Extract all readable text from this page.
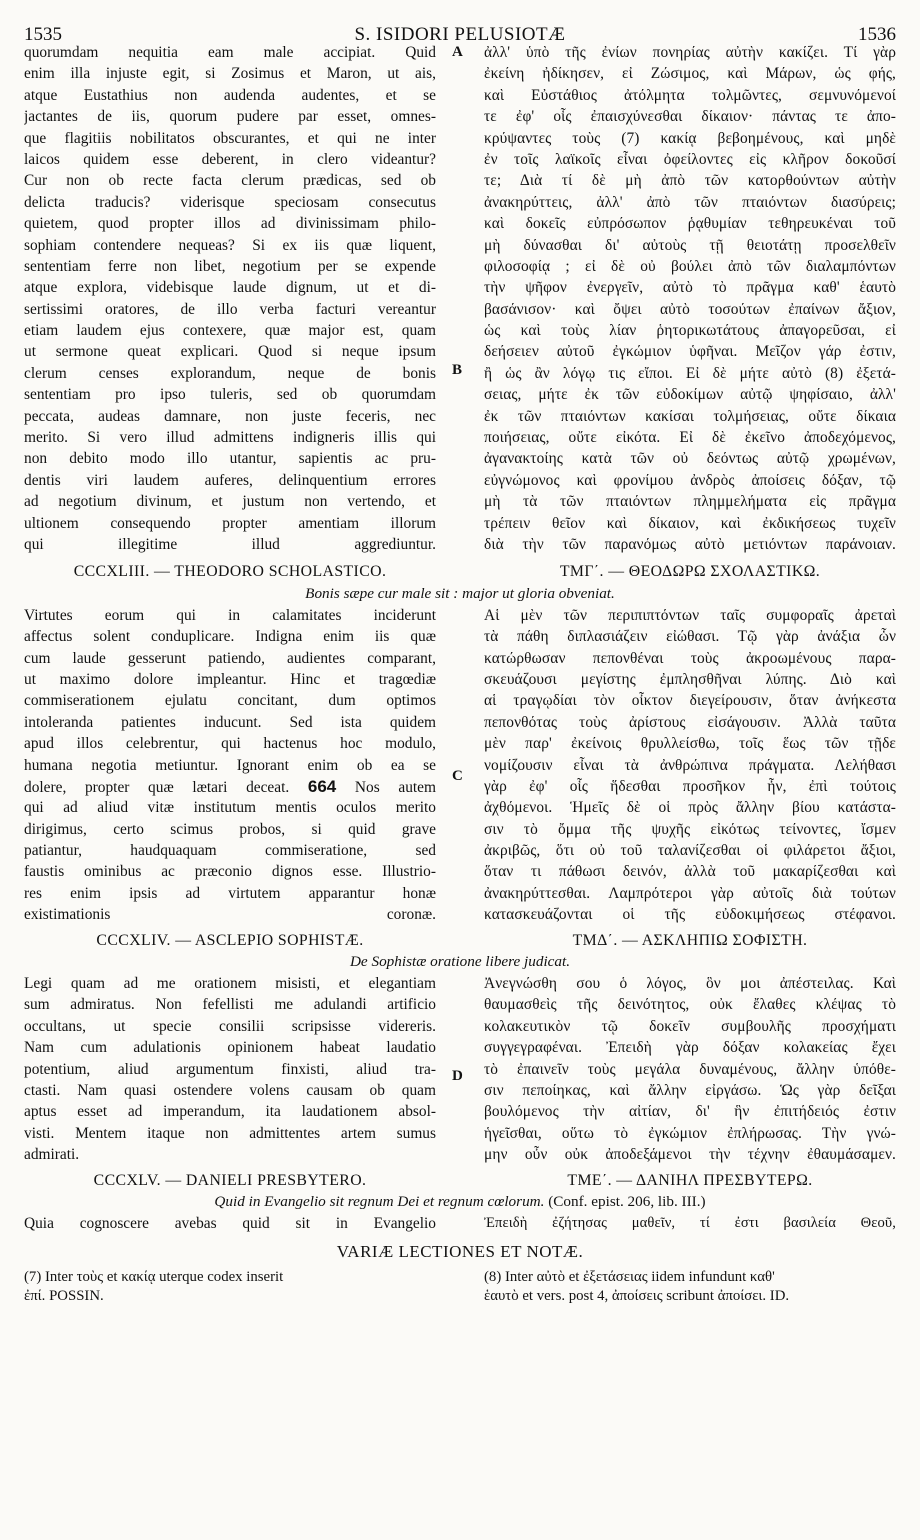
1535	S. ISIDORI PELUSIOTÆ	1536
A
B
C
D
quorumdam nequitia eam male accipiat. Quid
enim illa injuste egit, si Zosimus et Maron, ut ais,
atque Eustathius non audenda audentes, et se
jactantes de iis, quorum pudere par esset, omnes-
que flagitiis nobilitatos obscurantes, et qui ne inter
laicos quidem esse deberent, in clero videantur?
Cur non ob recte facta clerum prædicas, sed ob
delicta traducis? viderisque speciosam consecutus
quietem, quod propter illos ad divinissimam philo-
sophiam contendere nequeas? Si ex iis quæ liquent,
sententiam ferre non libet, negotium per se expende
atque explora, videbisque laude dignum, ut et di-
sertissimi oratores, de illo verba facturi vereantur
etiam laudem ejus contexere, quæ major est, quam
ut sermone queat explicari. Quod si neque ipsum
clerum censes explorandum, neque de bonis
sententiam pro ipso tuleris, sed ob quorumdam
peccata, audeas damnare, non juste feceris, nec
merito. Si vero illud admittens indigneris illis qui
non debito modo illo utantur, sapientis ac pru-
dentis viri laudem auferes, delinquentium errores
ad negotium divinum, et justum non vertendo, et
ultionem consequendo propter amentiam illorum
qui illegitime illud aggrediuntur.
ἀλλ' ὑπὸ τῆς ἐνίων πονηρίας αὐτὴν κακίζει. Τί γὰρ
ἐκείνη ἠδίκησεν, εἰ Ζώσιμος, καὶ Μάρων, ὡς φής,
καὶ Εὐστάθιος ἀτόλμητα τολμῶντες, σεμνυνόμενοί
τε ἐφ' οἷς ἐπαισχύνεσθαι δίκαιον· πάντας τε ἀπο-
κρύψαντες τοὺς (7) κακίᾳ βεβοημένους, καὶ μηδὲ
ἐν τοῖς λαϊκοῖς εἶναι ὀφείλοντες εἰς κλῆρον δοκοῦσί
τε; Διὰ τί δὲ μὴ ἀπὸ τῶν κατορθούντων αὐτὴν
ἀνακηρύττεις, ἀλλ' ἀπὸ τῶν πταιόντων διασύρεις;
καὶ δοκεῖς εὐπρόσωπον ῥᾳθυμίαν τεθηρευκέναι τοῦ
μὴ δύνασθαι δι' αὐτοὺς τῇ θειοτάτῃ προσελθεῖν
φιλοσοφίᾳ ; εἰ δὲ οὐ βούλει ἀπὸ τῶν διαλαμπόντων
τὴν ψῆφον ἐνεργεῖν, αὐτὸ τὸ πρᾶγμα καθ' ἑαυτὸ
βασάνισον· καὶ ὄψει αὐτὸ τοσούτων ἐπαίνων ἄξιον,
ὡς καὶ τοὺς λίαν ῥητορικωτάτους ἀπαγορεῦσαι, εἰ
δεήσειεν αὐτοῦ ἐγκώμιον ὑφῆναι. Μεῖζον γάρ ἐστιν,
ἢ ὡς ἂν λόγῳ τις εἴποι. Εἰ δὲ μήτε αὐτὸ (8) ἐξετά-
σειας, μήτε ἐκ τῶν εὐδοκίμων αὐτῷ ψηφίσαιο, ἀλλ'
ἐκ τῶν πταιόντων κακίσαι τολμήσειας, οὔτε δίκαια
ποιήσειας, οὔτε εἰκότα. Εἰ δὲ ἐκεῖνο ἀποδεχόμενος,
ἀγανακτοίης κατὰ τῶν οὐ δεόντως αὐτῷ χρωμένων,
εὐγνώμονος καὶ φρονίμου ἀνδρὸς ἀποίσεις δόξαν, τῷ
μὴ τὰ τῶν πταιόντων πλημμελήματα εἰς πρᾶγμα
τρέπειν θεῖον καὶ δίκαιον, καὶ ἐκδικήσεως τυχεῖν
διὰ τὴν τῶν παρανόμως αὐτὸ μετιόντων παράνοιαν.
CCCXLIII. — THEODORO SCHOLASTICO.	ΤΜΓ΄. — ΘΕΟΔΩΡΩ ΣΧΟΛΑΣΤΙΚΩ.
Bonis sæpe cur male sit : major ut gloria obveniat.
Virtutes eorum qui in calamitates inciderunt
affectus solent conduplicare. Indigna enim iis quæ
cum laude gesserunt patiendo, audientes comparant,
ut maximo dolore impleantur. Hinc et tragœdiæ
commiserationem ejulatu concitant, dum optimos
intolerandа patientes inducunt. Sed ista quidem
apud illos celebrentur, qui hactenus hoc modulo,
humana negotia metiuntur. Ignorant enim ob ea se
dolere, propter quæ lætari deceat. 664 Nos autem
qui ad aliud vitæ institutum mentis oculos merito
dirigimus, certo scimus probos, si quid grave
patiantur, haudquaquam commiseratione, sed
faustis ominibus ac præconio dignos esse. Illustrio-
res enim ipsis ad virtutem apparantur honæ
existimationis coronæ.
Αἱ μὲν τῶν περιπιπτόντων ταῖς συμφοραῖς ἀρεταὶ
τὰ πάθη διπλασιάζειν εἰώθασι. Τῷ γὰρ ἀνάξια ὧν
κατώρθωσαν πεπονθέναι τοὺς ἀκροωμένους παρα-
σκευάζουσι μεγίστης ἐμπλησθῆναι λύπης. Διὸ καὶ
αἱ τραγῳδίαι τὸν οἶκτον διεγείρουσιν, ὅταν ἀνήκεστα
πεπονθότας τοὺς ἀρίστους εἰσάγουσιν. Ἀλλὰ ταῦτα
μὲν παρ' ἐκείνοις θρυλλείσθω, τοῖς ἕως τῶν τῇδε
νομίζουσιν εἶναι τὰ ἀνθρώπινα πράγματα. Λελήθασι
γὰρ ἐφ' οἷς ἥδεσθαι προσῆκον ἦν, ἐπὶ τούτοις
ἀχθόμενοι. Ἡμεῖς δὲ οἱ πρὸς ἄλλην βίου κατάστα-
σιν τὸ ὄμμα τῆς ψυχῆς εἰκότως τείνοντες, ἴσμεν
ἀκριβῶς, ὅτι οὐ τοῦ ταλανίζεσθαι οἱ φιλάρετοι ἄξιοι,
ὅταν τι πάθωσι δεινόν, ἀλλὰ τοῦ μακαρίζεσθαι καὶ
ἀνακηρύττεσθαι. Λαμπρότεροι γὰρ αὐτοῖς διὰ τούτων
κατασκευάζονται οἱ τῆς εὐδοκιμήσεως στέφανοι.
CCCXLIV. — ASCLEPIO SOPHISTÆ.	ΤΜΔ΄. — ΑΣΚΛΗΠΙΩ ΣΟΦΙΣΤΗ.
De Sophistæ oratione libere judicat.
Legi quam ad me orationem misisti, et elegantiam
sum admiratus. Non fefellisti me adulandi artificio
occultans, ut specie consilii scripsisse videreris.
Nam cum adulationis opinionem habeat laudatio
potentium, aliud argumentum finxisti, aliud tra-
ctasti. Nam quasi ostendere volens causam ob quam
aptus esset ad imperandum, ita laudationem absol-
visti. Mentem itaque non admittentes artem sumus
admirati.
Ἀνεγνώσθη σου ὁ λόγος, ὃν μοι ἀπέστειλας. Καὶ
θαυμασθεὶς τῆς δεινότητος, οὐκ ἔλαθες κλέψας τὸ
κολακευτικὸν τῷ δοκεῖν συμβουλῆς προσχήματι
συγγεγραφέναι. Ἐπειδὴ γὰρ δόξαν κολακείας ἔχει
τὸ ἐπαινεῖν τοὺς μεγάλα δυναμένους, ἄλλην ὑπόθε-
σιν πεποίηκας, καὶ ἄλλην εἰργάσω. Ὡς γὰρ δεῖξαι
βουλόμενος τὴν αἰτίαν, δι' ἣν ἐπιτήδειός ἐστιν
ἡγεῖσθαι, οὕτω τὸ ἐγκώμιον ἐπλήρωσας. Τὴν γνώ-
μην οὖν οὐκ ἀποδεξάμενοι τὴν τέχνην ἐθαυμάσαμεν.
CCCXLV. — DANIELI PRESBYTERO.	ΤΜΕ΄. — ΔΑΝΙΗΛ ΠΡΕΣΒΥΤΕΡΩ.
Quid in Evangelio sit regnum Dei et regnum cœlorum. (Conf. epist. 206, lib. III.)
Quia cognoscere avebas quid sit in Evangelio	Ἐπειδὴ ἐζήτησας μαθεῖν, τί ἐστι βασιλεία Θεοῦ,
VARIÆ LECTIONES ET NOTÆ.
(7) Inter τοὺς et κακίᾳ uterque codex inserit
ἐπί. POSSIN.
(8) Inter αὐτὸ et ἐξετάσειας iidem infundunt καθ'
ἑαυτὸ et vers. post 4, ἀποίσεις scribunt ἀποίσει. ID.
